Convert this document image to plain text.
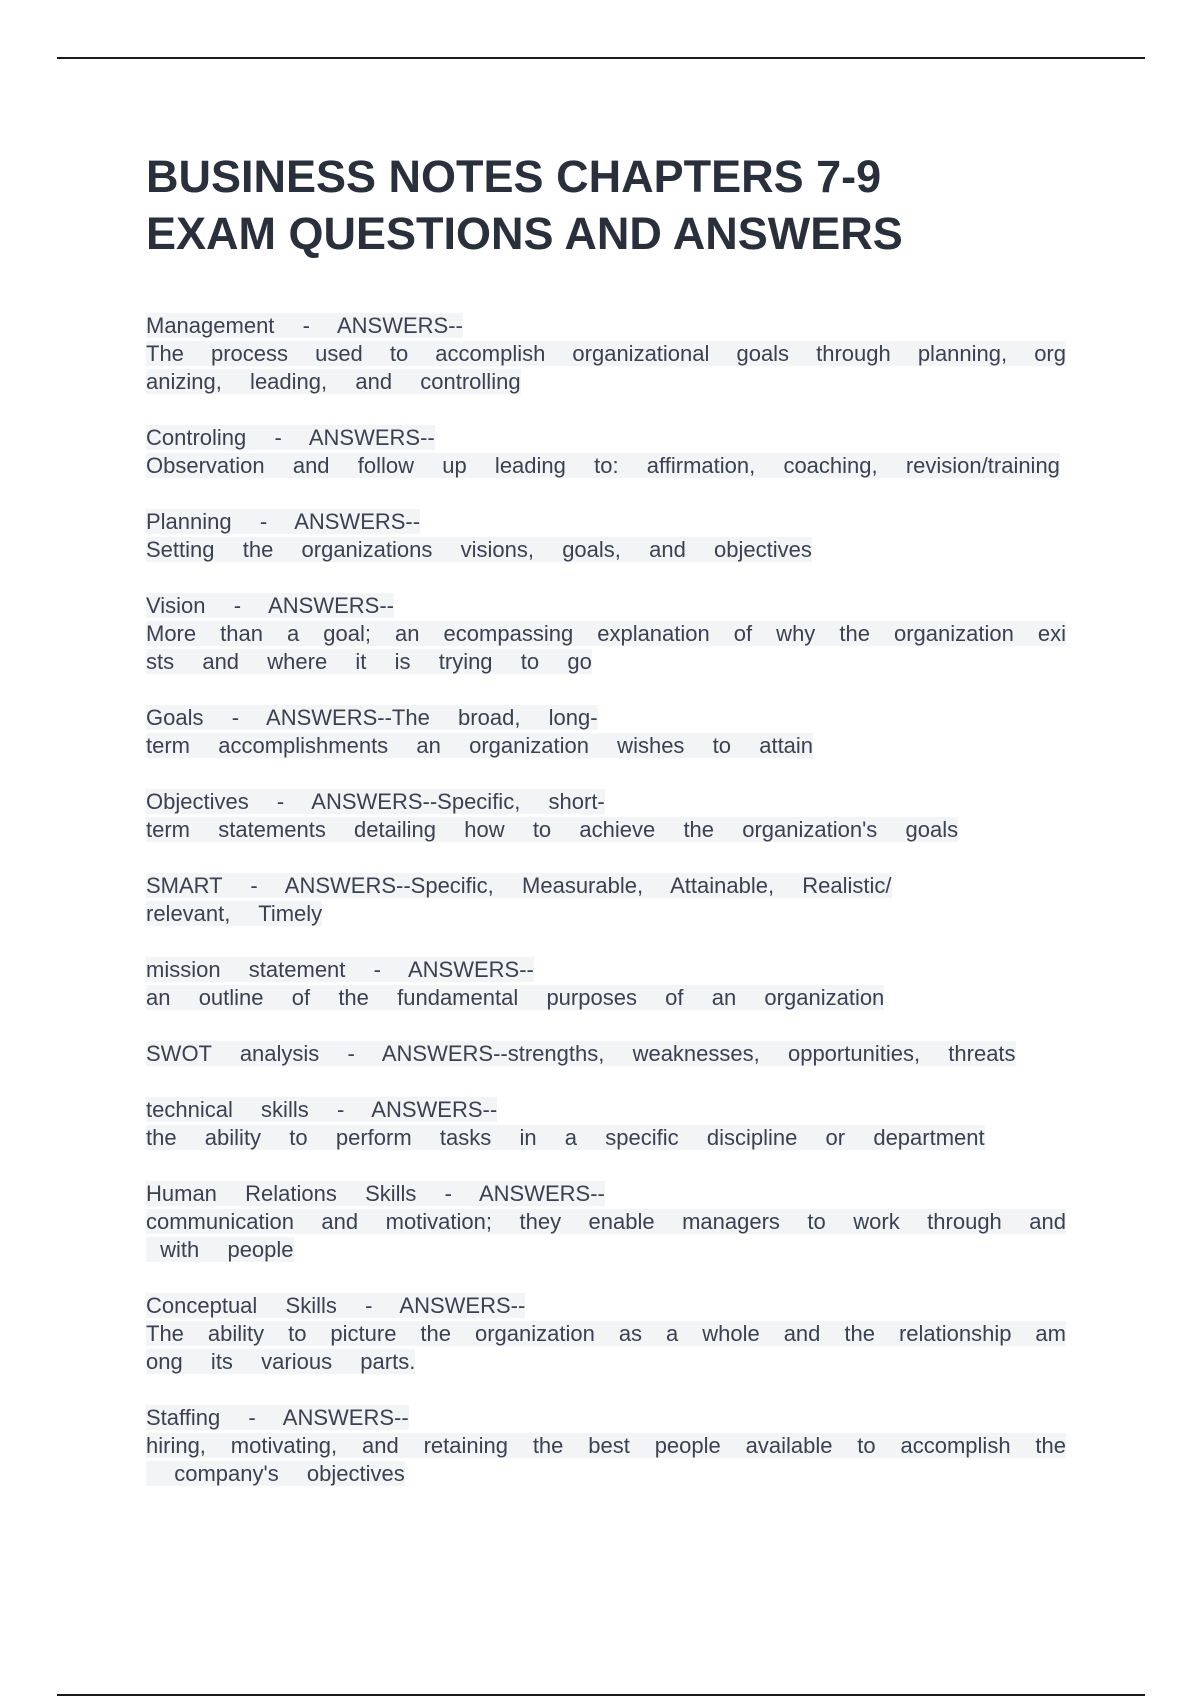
BUSINESS NOTES CHAPTERS 7-9
EXAM QUESTIONS AND ANSWERS
Management  -  ANSWERS--
The process used to accomplish organizational goals through planning, org
anizing,  leading,  and  controlling
Controling  -  ANSWERS--
Observation  and  follow  up  leading  to:  affirmation,  coaching,  revision/training
Planning  -  ANSWERS--
Setting  the  organizations  visions,  goals,  and  objectives
Vision  -  ANSWERS--
More than a goal; an ecompassing explanation of why the organization exi
sts  and  where  it  is  trying  to  go
Goals  -  ANSWERS--The  broad,  long-
term  accomplishments  an  organization  wishes  to  attain
Objectives  -  ANSWERS--Specific,  short-
term  statements  detailing  how  to  achieve  the  organization's  goals
SMART  -  ANSWERS--Specific,  Measurable,  Attainable,  Realistic/
relevant,  Timely
mission  statement  -  ANSWERS--
an  outline  of  the  fundamental  purposes  of  an  organization
SWOT  analysis  -  ANSWERS--strengths,  weaknesses,  opportunities,  threats
technical  skills  -  ANSWERS--
the  ability  to  perform  tasks  in  a  specific  discipline  or  department
Human  Relations  Skills  -  ANSWERS--
communication and motivation; they enable managers to work through and
with  people
Conceptual  Skills  -  ANSWERS--
The ability to picture the organization as a whole and the relationship am
ong  its  various  parts.
Staffing  -  ANSWERS--
hiring, motivating, and retaining the best people available to accomplish the
company's  objectives
